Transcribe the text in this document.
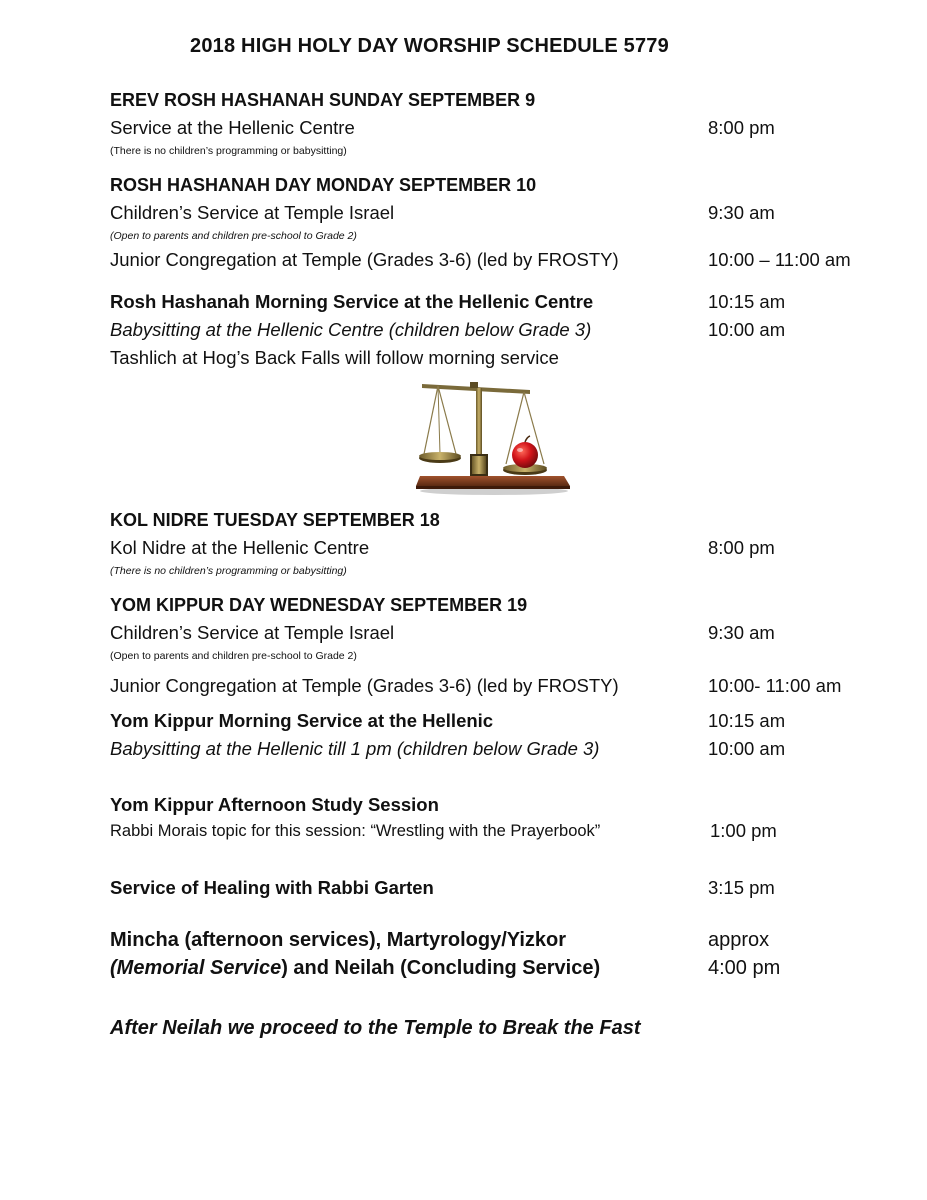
2018 HIGH HOLY DAY WORSHIP SCHEDULE 5779
EREV ROSH HASHANAH SUNDAY SEPTEMBER 9
Service at the Hellenic Centre	8:00 pm
(There is no children’s programming or babysitting)
ROSH HASHANAH DAY MONDAY SEPTEMBER 10
Children’s Service at Temple Israel	9:30 am
(Open to parents and children pre-school to Grade 2)
Junior Congregation at Temple (Grades 3-6) (led by FROSTY)	10:00 – 11:00 am
Rosh Hashanah Morning Service at the Hellenic Centre	10:15 am
Babysitting at the Hellenic Centre (children below Grade 3)	10:00 am
Tashlich at Hog’s Back Falls will follow morning service
KOL NIDRE TUESDAY SEPTEMBER 18
Kol Nidre at the Hellenic Centre	8:00 pm
(There is no children’s programming or babysitting)
YOM KIPPUR DAY WEDNESDAY SEPTEMBER 19
Children’s Service at Temple Israel	9:30 am
(Open to parents and children pre-school to Grade 2)
Junior Congregation at Temple (Grades 3-6) (led by FROSTY)	10:00- 11:00 am
Yom Kippur Morning Service at the Hellenic	10:15 am
Babysitting at the Hellenic till 1 pm (children below Grade 3)	10:00 am
Yom Kippur Afternoon Study Session
Rabbi Morais topic for this session: “Wrestling with the Prayerbook”	1:00 pm
Service of Healing with Rabbi Garten	3:15 pm
Mincha (afternoon services), Martyrology/Yizkor	approx
(Memorial Service) and Neilah (Concluding Service)	4:00 pm
After Neilah we proceed to the Temple to Break the Fast
